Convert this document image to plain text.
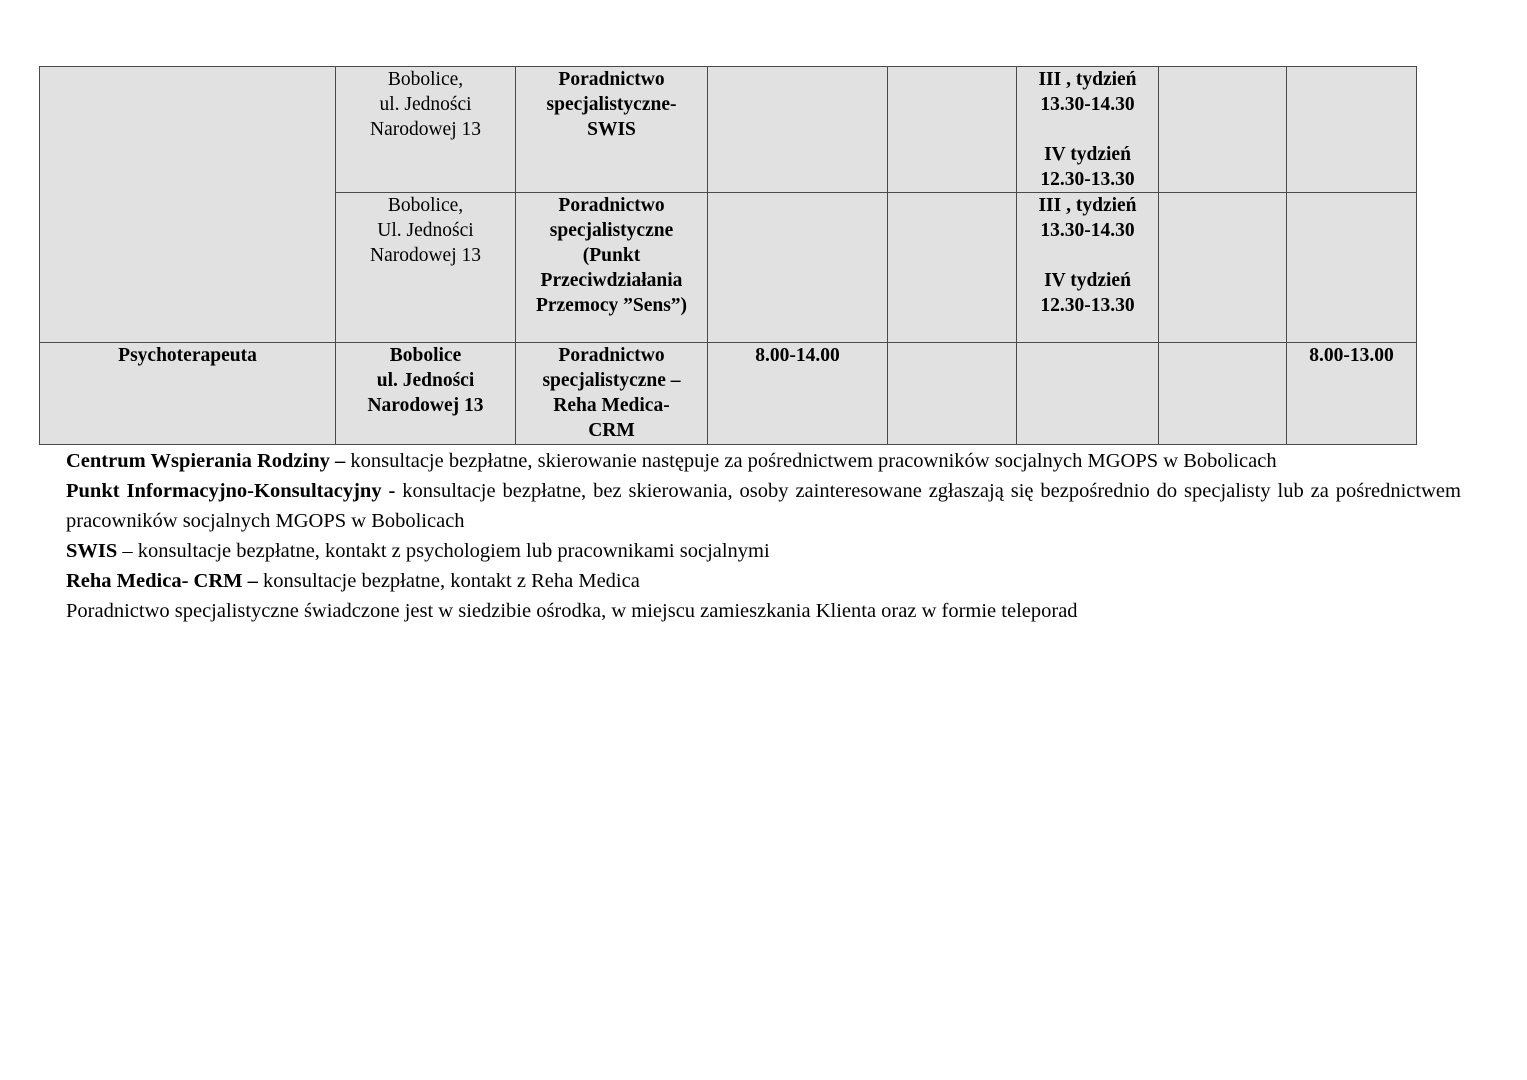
	Bobolice,
ul. Jedności
Narodowej 13	Poradnictwo
specjalistyczne-
SWIS			III , tydzień
13.30-14.30
IV tydzień
12.30-13.30		

	Bobolice,
Ul. Jedności
Narodowej 13	Poradnictwo
specjalistyczne
(Punkt
Przeciwdziałania
Przemocy ”Sens”)			III , tydzień
13.30-14.30
IV tydzień
12.30-13.30		

Psychoterapeuta	Bobolice
ul. Jedności
Narodowej 13	Poradnictwo
specjalistyczne –
Reha Medica-
CRM	8.00-14.00				8.00-13.00

Centrum Wspierania Rodziny – konsultacje bezpłatne, skierowanie następuje za pośrednictwem pracowników socjalnych MGOPS w Bobolicach

Punkt Informacyjno-Konsultacyjny - konsultacje bezpłatne, bez skierowania, osoby zainteresowane zgłaszają się bezpośrednio do specjalisty lub za pośrednictwem pracowników socjalnych MGOPS w Bobolicach

SWIS – konsultacje bezpłatne, kontakt z psychologiem lub pracownikami socjalnymi

Reha Medica- CRM – konsultacje bezpłatne, kontakt z Reha Medica

Poradnictwo specjalistyczne świadczone jest w siedzibie ośrodka, w miejscu zamieszkania Klienta oraz w formie teleporad
